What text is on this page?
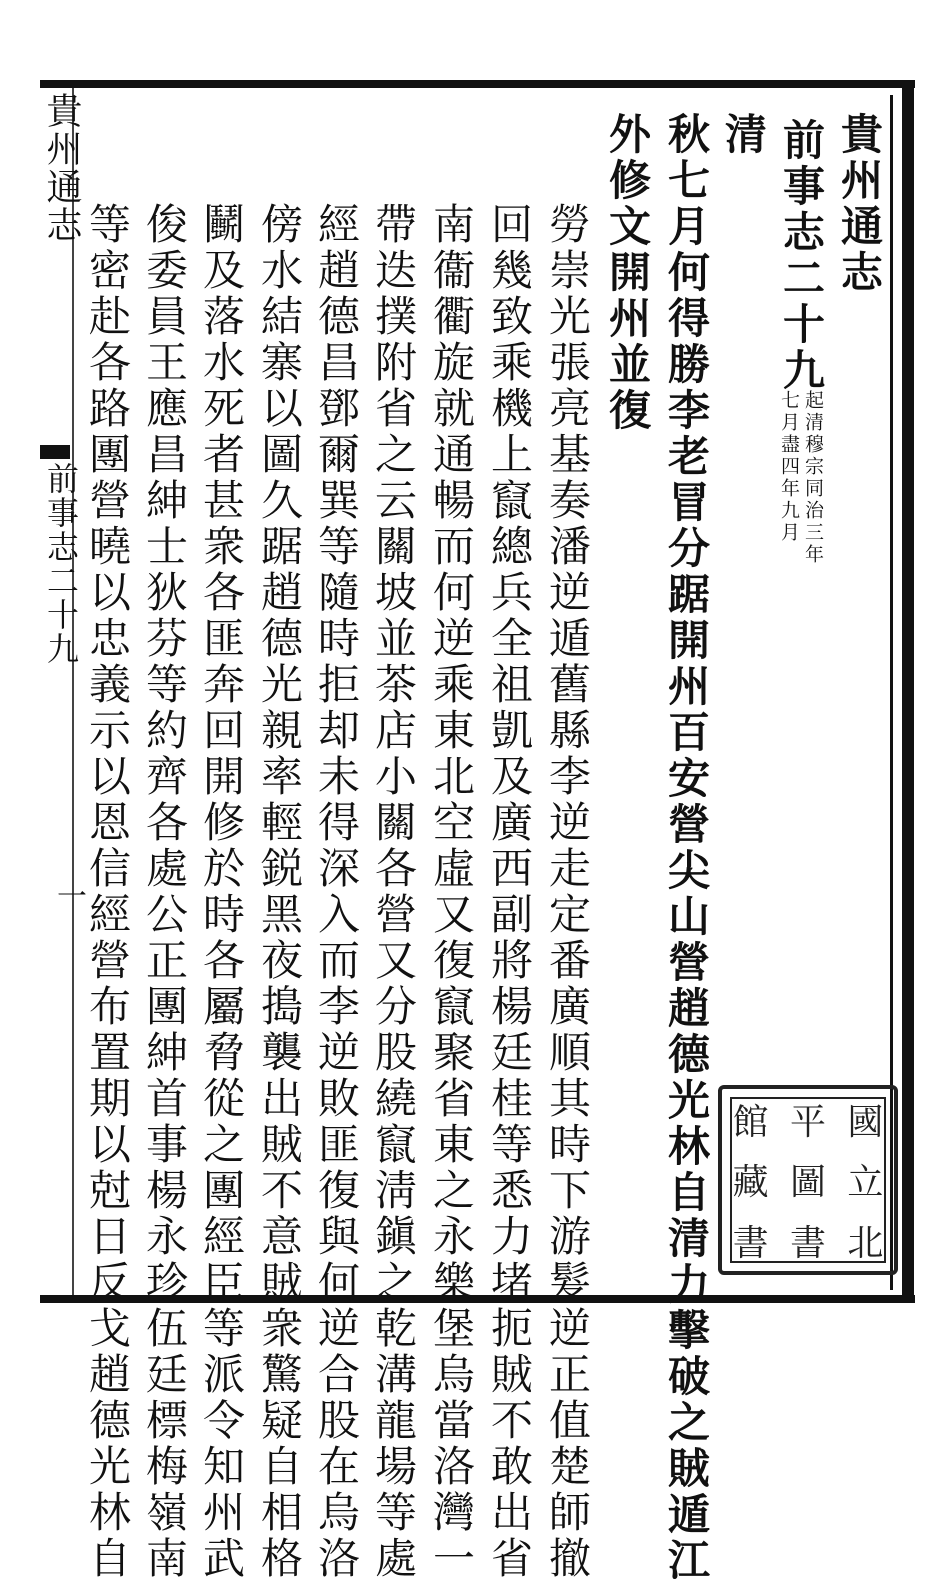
貴州通志
前事志二十九
一
貴州通志
前事志二十九
起清穆宗同治三年
七月盡四年九月
清
秋七月何得勝李老冒分踞開州百安營尖山營趙德光林自清力擊破之賊遁江
外修文開州並復
勞崇光張亮基奏潘逆遁舊縣李逆走定番廣順其時下游髮逆正值楚師撤
回幾致乘機上竄總兵全祖凱及廣西副將楊廷桂等悉力堵扼賊不敢出省
南衞衢旋就通暢而何逆乘東北空虛又復竄聚省東之永樂堡烏當洛灣一
帶迭撲附省之云關坡並茶店小關各營又分股繞竄淸鎭之乾溝龍場等處
經趙德昌鄧爾巽等隨時拒却未得深入而李逆敗匪復與何逆合股在烏洛
傍水結寨以圖久踞趙德光親率輕鋭黑夜搗襲出賊不意賊衆驚疑自相格
鬭及落水死者甚衆各匪奔回開修於時各屬脅從之團經臣等派令知州武
俊委員王應昌紳士狄芬等約齊各處公正團紳首事楊永珍伍廷標梅嶺南
等密赴各路團營曉以忠義示以恩信經營布置期以尅日反戈趙德光林自	館 平 國
藏 圖 立
書 書 北
